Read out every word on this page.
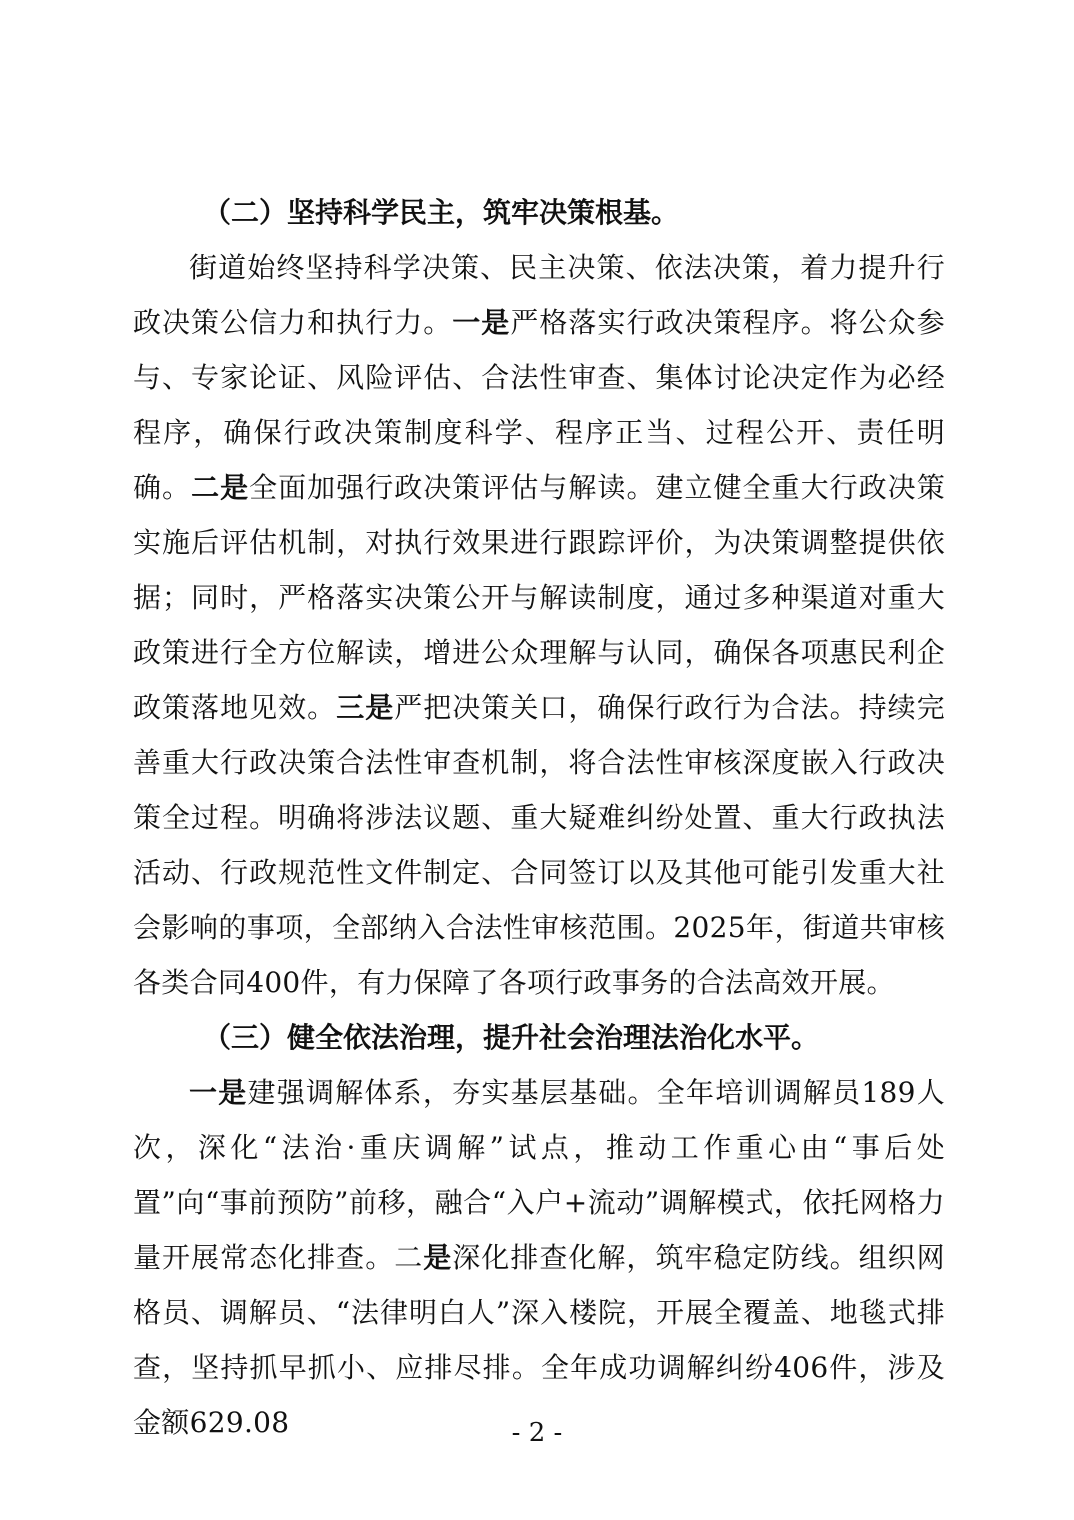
（二）坚持科学民主，筑牢决策根基。

街道始终坚持科学决策、民主决策、依法决策，着力提升行政决策公信力和执行力。一是严格落实行政决策程序。将公众参与、专家论证、风险评估、合法性审查、集体讨论决定作为必经程序，确保行政决策制度科学、程序正当、过程公开、责任明确。二是全面加强行政决策评估与解读。建立健全重大行政决策实施后评估机制，对执行效果进行跟踪评价，为决策调整提供依据；同时，严格落实决策公开与解读制度，通过多种渠道对重大政策进行全方位解读，增进公众理解与认同，确保各项惠民利企政策落地见效。三是严把决策关口，确保行政行为合法。持续完善重大行政决策合法性审查机制，将合法性审核深度嵌入行政决策全过程。明确将涉法议题、重大疑难纠纷处置、重大行政执法活动、行政规范性文件制定、合同签订以及其他可能引发重大社会影响的事项，全部纳入合法性审核范围。2025年，街道共审核各类合同400件，有力保障了各项行政事务的合法高效开展。

（三）健全依法治理，提升社会治理法治化水平。

一是建强调解体系，夯实基层基础。全年培训调解员189人次，深化“法治·重庆调解”试点，推动工作重心由“事后处置”向“事前预防”前移，融合“入户+流动”调解模式，依托网格力量开展常态化排查。二是深化排查化解，筑牢稳定防线。组织网格员、调解员、“法律明白人”深入楼院，开展全覆盖、地毯式排查，坚持抓早抓小、应排尽排。全年成功调解纠纷406件，涉及金额629.08	- 2 -
